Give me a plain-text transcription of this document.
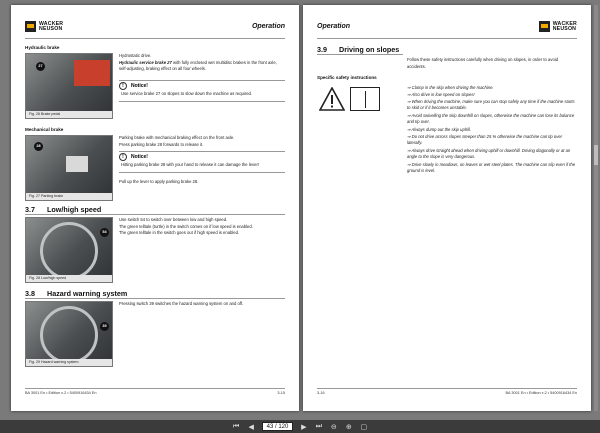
WACKER
NEUSON	Operation
Hydraulic brake
27
Fig. 26 Brake pedal
Hydrostatic drive.
Hydraulic service brake 27 with fully enclosed wet multidisc brakes in the front axle, self-adjusting, braking effect on all four wheels.
!	Notice!
Use service brake 27 on slopes to slow down the machine as required.
Mechanical brake
28
Fig. 27 Parking brake
Parking brake with mechanical braking effect on the front axle.
Press parking brake 28 forwards to release it.
!	Notice!
Hitting parking brake 28 with your hand to release it can damage the lever!
Pull up the lever to apply parking brake 28.
3.7 Low/high speed
54
Fig. 28 Low/high speed
Use switch 54 to switch over between low and high speed.
The green telltale (turtle) in the switch comes on if low speed is enabled.
The green telltale in the switch goes out if high speed is enabled.
3.8 Hazard warning system
39
Fig. 29 Hazard warning system
Pressing switch 39 switches the hazard warning system on and off.
BA 3001 En • Edition x.2 • 5400916434 En	3-15
Operation	WACKER
NEUSON
3.9 Driving on slopes
Follow these safety instructions carefully when driving on slopes, in order to avoid accidents.
Specific safety instructions
⇒ Clamp in the skip when driving the machine.
⇒ Also drive in low speed on slopes!
⇒ When driving the machine, make sure you can stop safely any time if the machine starts to skid or if it becomes unstable.
⇒ Avoid swivelling the skip downhill on slopes, otherwise the machine can lose its balance and tip over.
⇒ Always dump out the skip uphill.
⇒ Do not drive across slopes steeper than 25 % otherwise the machine can tip over laterally.
⇒ Always drive straight ahead when driving uphill or downhill. Driving diagonally or at an angle to the slope is very dangerous.
⇒ Drive slowly in meadows, on leaves or wet steel plates. The machine can slip even if the ground is level.
3-16	BA 3001 En • Edition x.2 • 5400916434 En
⏮ ◀	43 / 120	▶ ⏭ ⊖ ⊕ ▢
